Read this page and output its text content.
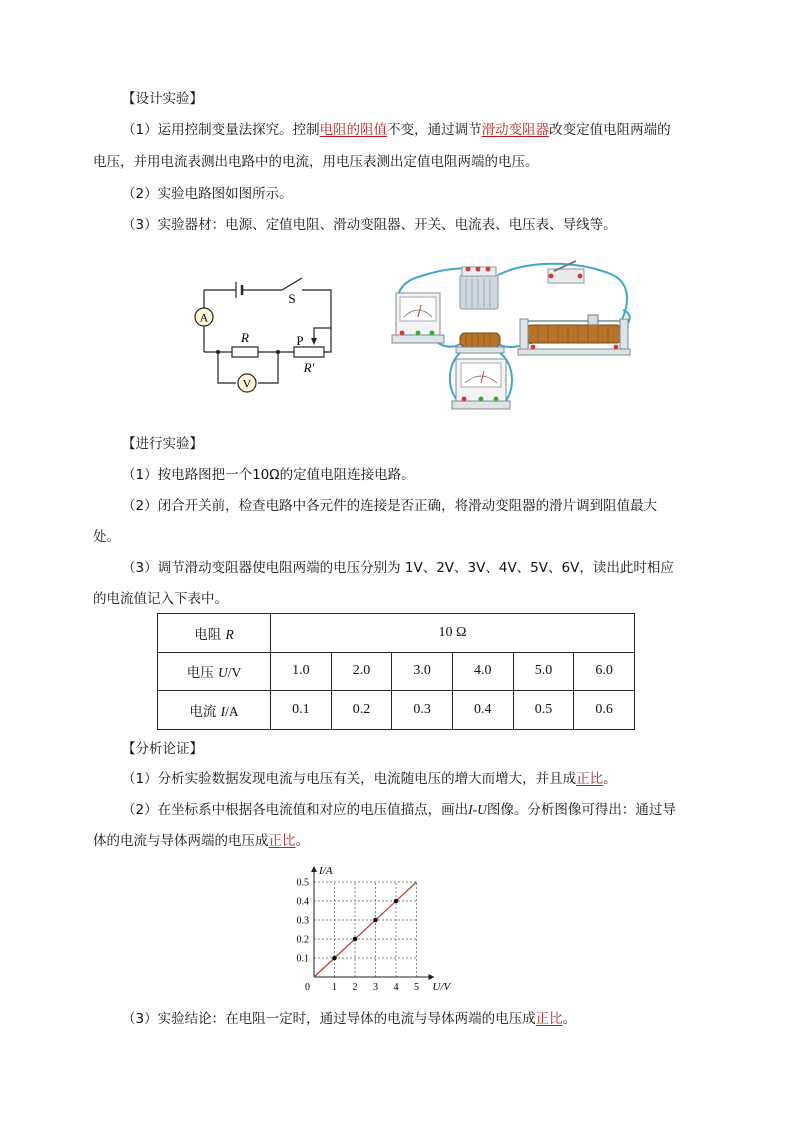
【设计实验】
（1）运用控制变量法探究。控制电阻的阻值不变，通过调节滑动变阻器改变定值电阻两端的
电压，并用电流表测出电路中的电流，用电压表测出定值电阻两端的电压。
（2）实验电路图如图所示。
（3）实验器材：电源、定值电阻、滑动变阻器、开关、电流表、电压表、导线等。
A
V
S
R	P
R′
【进行实验】
（1）按电路图把一个10Ω的定值电阻连接电路。
（2）闭合开关前，检查电路中各元件的连接是否正确，将滑动变阻器的滑片调到阻值最大
处。
（3）调节滑动变阻器使电阻两端的电压分别为 1V、2V、3V、4V、5V、6V，读出此时相应
的电流值记入下表中。
电阻 R	10 Ω					
电压 U/V	1.0	2.0	3.0	4.0	5.0	6.0
电流 I/A	0.1	0.2	0.3	0.4	0.5	0.6
【分析论证】
（1）分析实验数据发现电流与电压有关，电流随电压的增大而增大，并且成正比。
（2）在坐标系中根据各电流值和对应的电压值描点，画出I-U图像。分析图像可得出：通过导
体的电流与导体两端的电压成正比。
1 2 3 4 5
0.1
0.2
0.3
0.4
0.5
0	U/V
I/A
（3）实验结论：在电阻一定时，通过导体的电流与导体两端的电压成正比。
